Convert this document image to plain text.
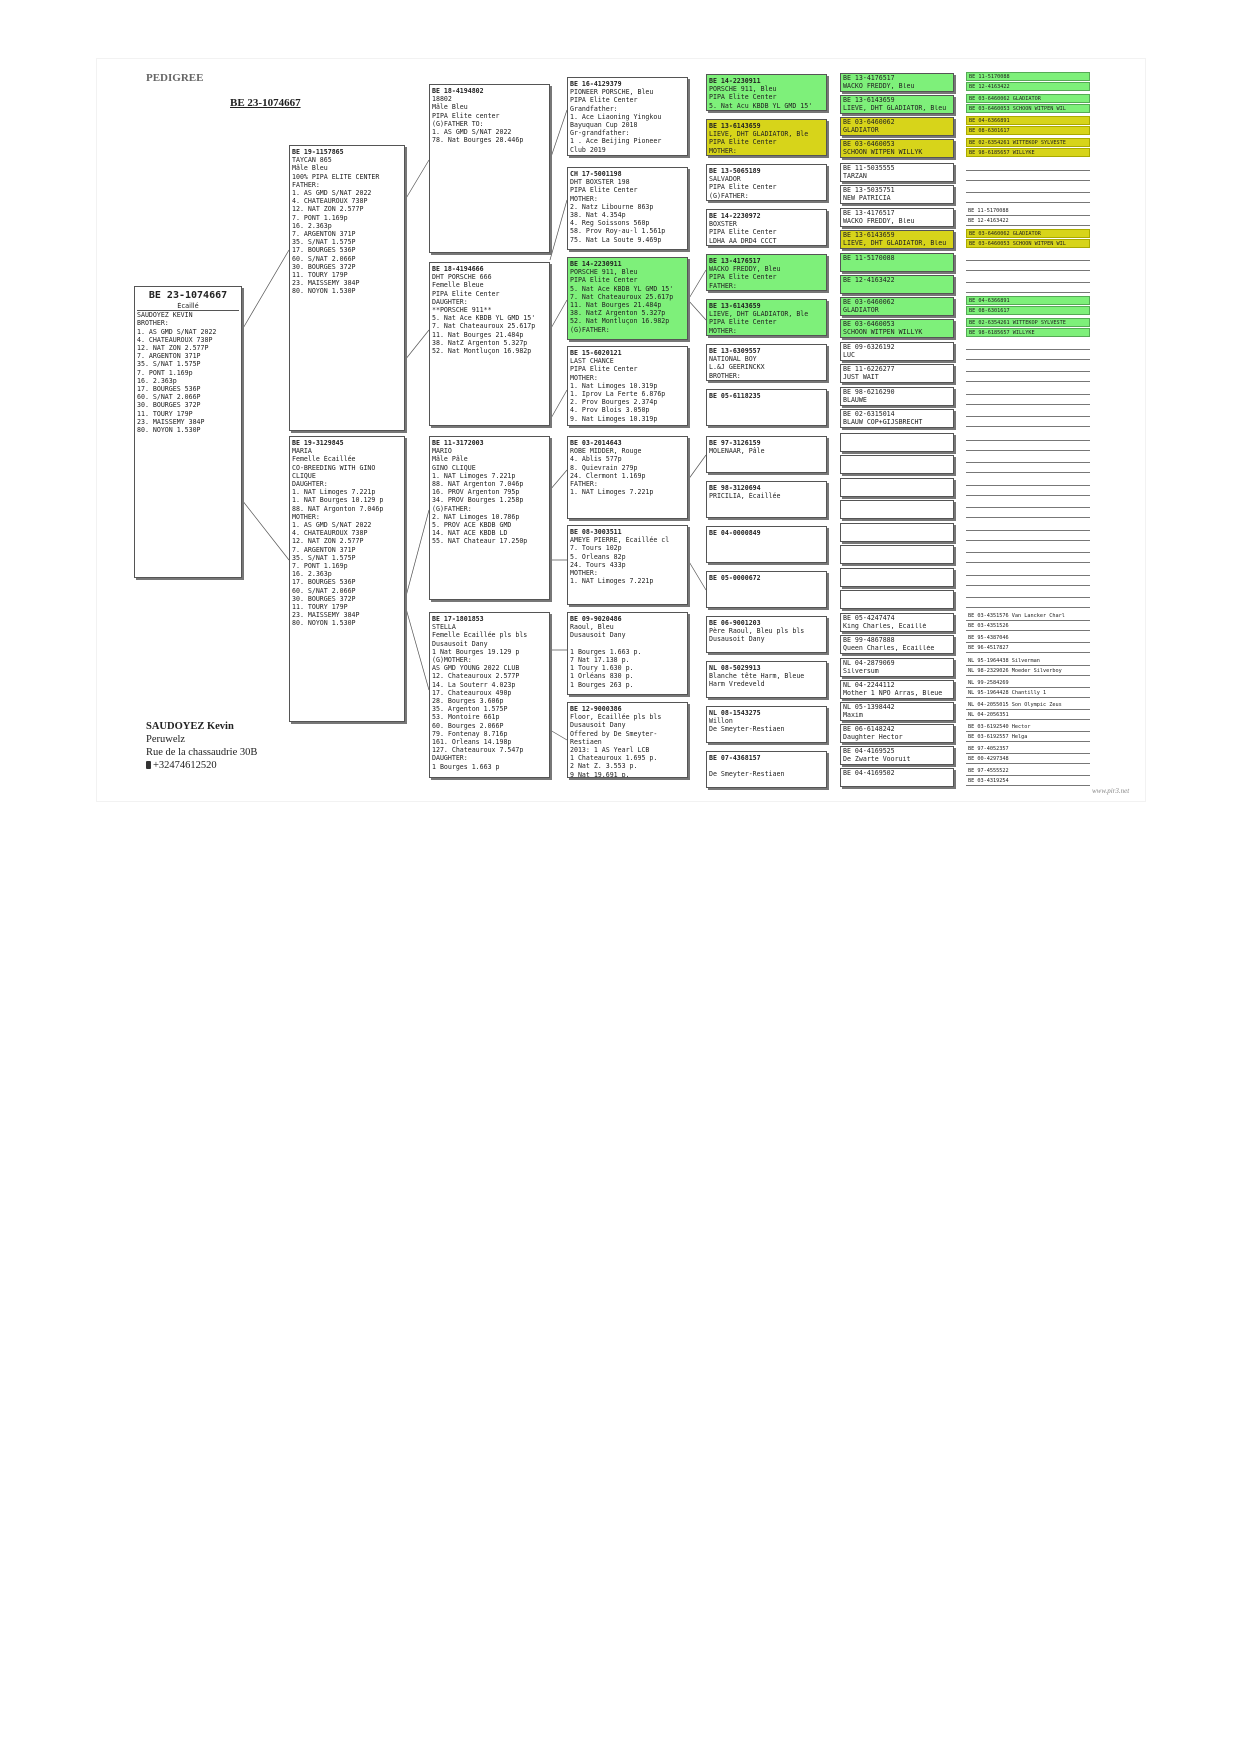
PEDIGREE
BE 23-1074667
BE 23-1074667
Écaillé
SAUDOYEZ KEVIN
BROTHER:
1. AS GMD S/NAT 2022
4. CHATEAUROUX 738P
12. NAT ZON 2.577P
7. ARGENTON 371P
35. S/NAT 1.575P
7. PONT 1.169p
16. 2.363p
17. BOURGES 536P
60. S/NAT 2.066P
30. BOURGES 372P
11. TOURY 179P
23. MAISSEMY 384P
80. NOYON 1.530P
BE 19-1157865
TAYCAN 865
Mâle Bleu
100% PIPA ELITE CENTER
FATHER:
1. AS GMD S/NAT 2022
4. CHATEAUROUX 738P
12. NAT ZON 2.577P
7. PONT 1.169p
16. 2.363p
7. ARGENTON 371P
35. S/NAT 1.575P
17. BOURGES 536P
60. S/NAT 2.066P
30. BOURGES 372P
11. TOURY 179P
23. MAISSEMY 384P
80. NOYON 1.530P
BE 19-3129845
MARIA
Femelle Écaillée
CO-BREEDING WITH GINO
CLIQUE
DAUGHTER:
1. NAT Limoges 7.221p
1. NAT Bourges 10.129 p
88. NAT Argonton 7.046p
MOTHER:
1. AS GMD S/NAT 2022
4. CHATEAUROUX 738P
12. NAT ZON 2.577P
7. ARGENTON 371P
35. S/NAT 1.575P
7. PONT 1.169p
16. 2.363p
17. BOURGES 536P
60. S/NAT 2.066P
30. BOURGES 372P
11. TOURY 179P
23. MAISSEMY 384P
80. NOYON 1.530P
BE 18-4194802
18802
Mâle Bleu
PIPA Elite center
(G)FATHER TO:
1. AS GMD S/NAT 2022
78. Nat Bourges 28.446p
BE 18-4194666
DHT PORSCHE 666
Femelle Bleue
PIPA Elite Center
DAUGHTER:
**PORSCHE 911**
5. Nat Ace KBDB YL GMD 15'
7. Nat Chateauroux 25.617p
11. Nat Bourges 21.484p
38. NatZ Argenton 5.327p
52. Nat Montluçon 16.982p
BE 11-3172003
MARIO
Mâle Pâle
GINO CLIQUE
1. NAT Limoges 7.221p
88. NAT Argenton 7.046p
16. PROV Argenton 795p
34. PROV Bourges 1.258p
(G)FATHER:
2. NAT Limoges 10.786p
5. PROV ACE KBDB GMD
14. NAT ACE KBDB LD
55. NAT Chateaur 17.250p
BE 17-1801853
STELLA
Femelle Écaillée pls bls
Dusausoit Dany
1 Nat Bourges 19.129 p
(G)MOTHER:
AS GMD YOUNG 2022 CLUB
12. Chateauroux 2.577P
14. La Souterr 4.023p
17. Chateauroux 490p
28. Bourges 3.606p
35. Argenton 1.575P
53. Montoire 661p
60. Bourges 2.066P
79. Fontenay 8.716p
161. Orleans 14.198p
127. Chateauroux 7.547p
DAUGHTER:
1 Bourges 1.663 p
BE 16-4129379
PIONEER PORSCHE, Bleu
PIPA Elite Center
Grandfather:
1. Ace Liaoning Yingkou
Bayuquan Cup 2018
Gr-grandfather:
1 . Ace Beijing Pioneer
Club 2019
CH 17-5001198
DHT BOXSTER 198
PIPA Elite Center
MOTHER:
2. Natz Libourne 863p
38. Nat 4.354p
4. Reg Soissons 560p
58. Prov Roy-au-l 1.561p
75. Nat La Soute 9.469p
BE 14-2230911
PORSCHE 911, Bleu
PIPA Elite Center
5. Nat Ace KBDB YL GMD 15'
7. Nat Chateauroux 25.617p
11. Nat Bourges 21.484p
38. NatZ Argenton 5.327p
52. Nat Montluçon 16.982p
(G)FATHER:
BE 15-6020121
LAST CHANCE
PIPA Elite Center
MOTHER:
1. Nat Limoges 10.319p
1. Iprov La Ferte 6.876p
2. Prov Bourges 2.374p
4. Prov Blois 3.050p
9. Nat Limoges 10.319p
BE 03-2014643
ROBE MIDDER, Rouge
4. Ablis 577p
8. Quievrain 279p
24. Clermont 1.169p
FATHER:
1. NAT Limoges 7.221p
BE 08-3003511
AMEYE PIERRE, Écaillée cl
7. Tours 102p
5. Orleans 82p
24. Tours 433p
MOTHER:
1. NAT Limoges 7.221p
BE 09-9020486
Raoul, Bleu
Dusausoit Dany

1 Bourges 1.663 p.
7 Nat 17.138 p.
1 Toury 1.630 p.
1 Orléans 830 p.
1 Bourges 263 p.
BE 12-9000386
Floor, Écaillée pls bls
Dusausoit Dany
Offered by De Smeyter-
Restiaen
2013: 1 AS Yearl LCB
1 Chateauroux 1.695 p.
2 Nat Z. 3.553 p.
9 Nat 19.691 p.
BE 14-2230911
PORSCHE 911, Bleu
PIPA Elite Center
5. Nat Acu KBDB YL GMD 15'
BE 13-6143659
LIEVE, DHT GLADIATOR, Ble
PIPA Elite Center
MOTHER:
BE 13-5065189
SALVADOR
PIPA Elite Center
(G)FATHER:
BE 14-2230972
BOXSTER
PIPA Elite Center
LDHA AA DRD4 CCCT
BE 13-4176517
WACKO FREDDY, Bleu
PIPA Elite Center
FATHER:
BE 13-6143659
LIEVE, DHT GLADIATOR, Ble
PIPA Elite Center
MOTHER:
BE 13-6309557
NATIONAL BOY
L.&J GEERINCKX
BROTHER:
BE 05-6118235
BE 97-3126159
MOLENAAR, Pâle
BE 98-3120694
PRICILIA, Écaillée
BE 04-0000849
BE 05-0000672
BE 06-9001203
Père Raoul, Bleu pls bls
Dusausoit Dany
NL 08-5029913
Blanche tête Harm, Bleue
Harm Vredeveld
NL 08-1543275
Willon
De Smeyter-Restiaen
BE 07-4368157

De Smeyter-Restiaen
BE 13-4176517
WACKO FREDDY, Bleu
BE 13-6143659
LIEVE, DHT GLADIATOR, Bleu
BE 03-6460062
GLADIATOR
BE 03-6460053
SCHOON WITPEN WILLYK
BE 11-5035555
TARZAN
BE 13-5035751
NEW PATRICIA
BE 13-4176517
WACKO FREDDY, Bleu
BE 13-6143659
LIEVE, DHT GLADIATOR, Bleu
BE 11-5170088

BE 12-4163422

BE 03-6460062
GLADIATOR
BE 03-6460053
SCHOON WITPEN WILLYK
BE 09-6326192
LUC
BE 11-6226277
JUST WAIT
BE 98-6216290
BLAUWE
BE 02-6315014
BLAUW COP+GIJSBRECHT

BE 05-4247474
King Charles, Écaillé
BE 99-4867888
Queen Charles, Écaillée
NL 04-2879069
Silversum
NL 04-2244112
Mother 1 NPO Arras, Bleue
NL 05-1398442
Maxim
BE 06-6148242
Daughter Hector
BE 04-4169525
De Zwarte Vooruit
BE 04-4169502

BE 11-5170088
BE 12-4163422
BE 03-6460062 GLADIATOR
BE 03-6460053 SCHOON WITPEN WIL
BE 04-6366891
BE 08-6301617
BE 02-6354261 WITTEKOP SYLVESTE
BE 98-6185657 WILLYKE

BE 11-5170088
BE 12-4163422
BE 03-6460062 GLADIATOR
BE 03-6460053 SCHOON WITPEN WIL

BE 04-6366891
BE 08-6301617
BE 02-6354261 WITTEKOP SYLVESTE
BE 98-6185657 WILLYKE

BE 03-4351576 Van Lancker Charl
BE 03-4351526
BE 95-4387046
BE 96-4517827
NL 95-1964438 Silverman
NL 98-2329026 Moeder Silverboy
NL 99-2584269
NL 95-1964428 Chantilly 1
NL 04-2055015 Son Olympic Zeus
NL 04-2056351
BE 03-6192540 Hector
BE 03-6192557 Helga
BE 97-4052357
BE 00-4297348
BE 97-4555522
BE 03-4319254
SAUDOYEZ Kevin
Peruwelz
Rue de la chassaudrie 30B
+32474612520
www.pir3.net
